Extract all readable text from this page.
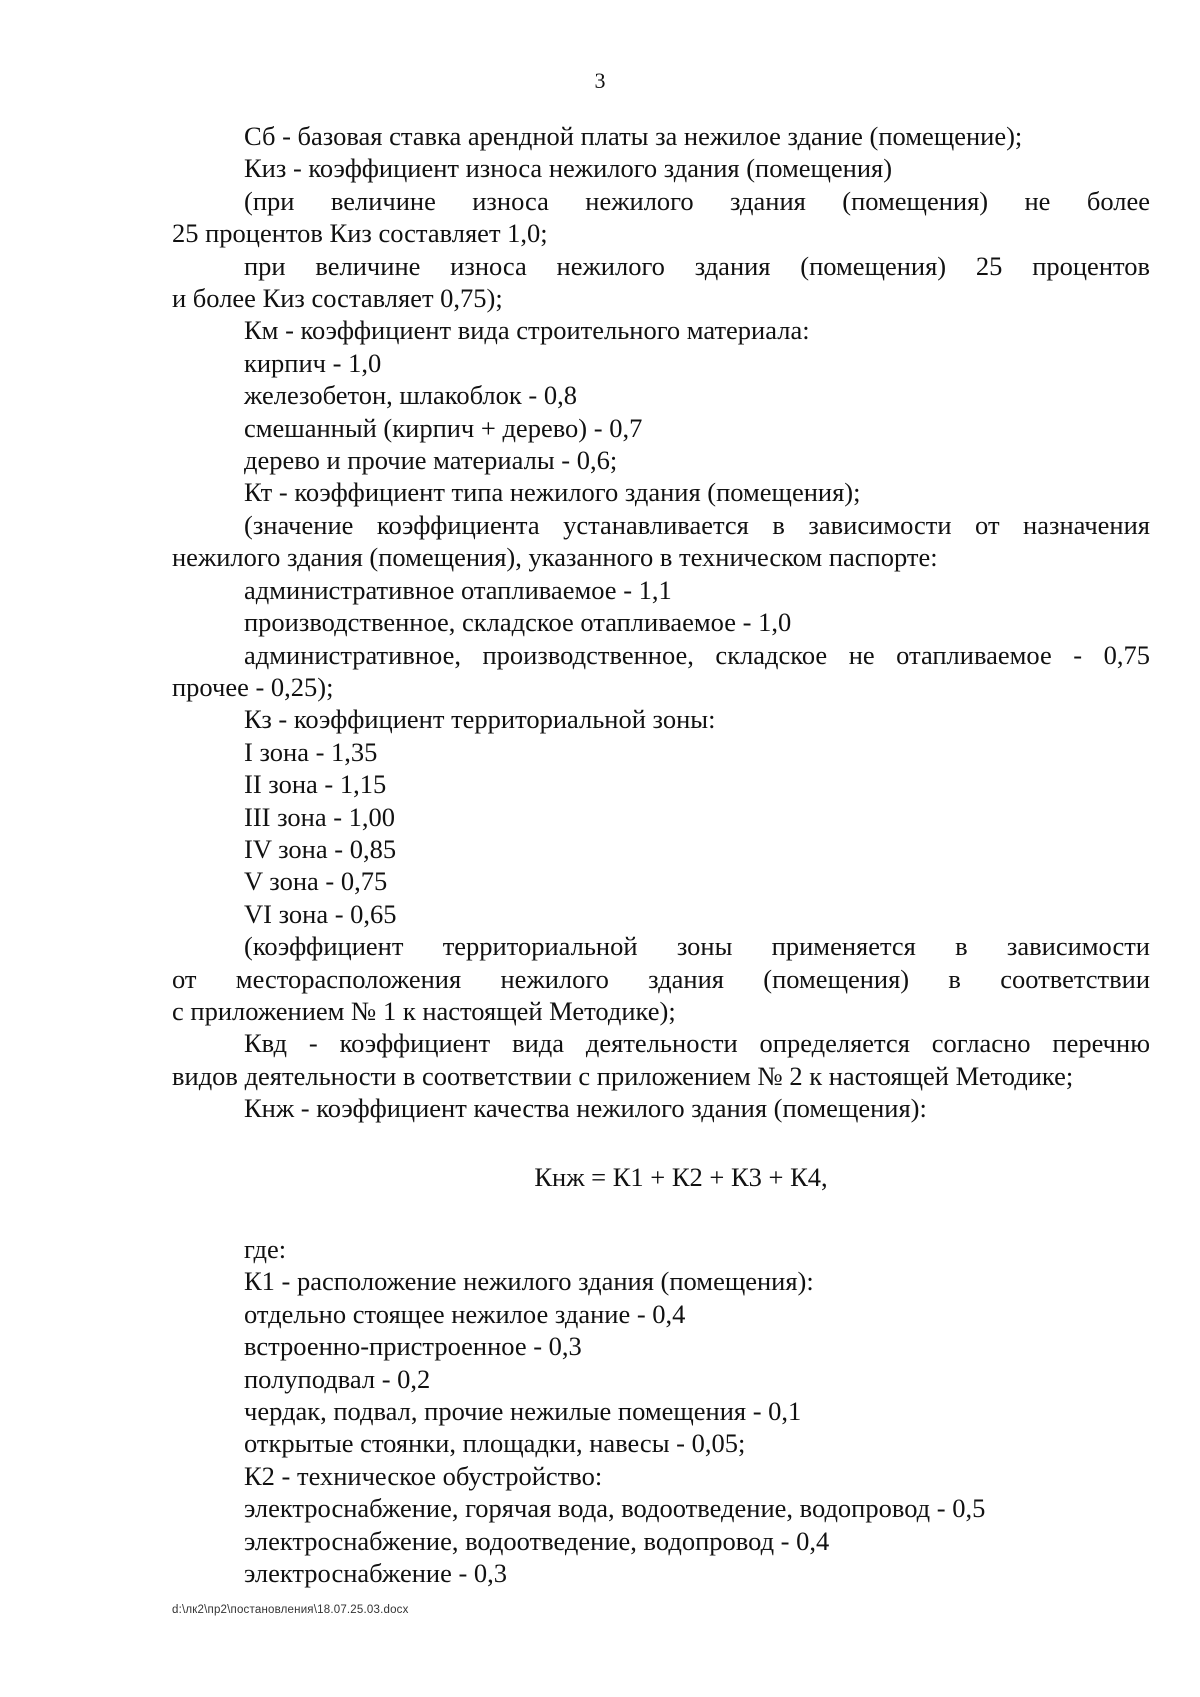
3

Сб - базовая ставка арендной платы за нежилое здание (помещение);

Киз - коэффициент износа нежилого здания (помещения)

(при величине износа нежилого здания (помещения) не более

25 процентов Киз составляет 1,0;

при величине износа нежилого здания (помещения) 25 процентов

и более Киз составляет 0,75);

Км - коэффициент вида строительного материала:

кирпич - 1,0

железобетон, шлакоблок - 0,8

смешанный (кирпич + дерево) - 0,7

дерево и прочие материалы - 0,6;

Кт - коэффициент типа нежилого здания (помещения);

(значение коэффициента устанавливается в зависимости от назначения

нежилого здания (помещения), указанного в техническом паспорте:

административное отапливаемое - 1,1

производственное, складское отапливаемое - 1,0

административное, производственное, складское не отапливаемое - 0,75

прочее - 0,25);

Кз - коэффициент территориальной зоны:

I зона - 1,35

II зона - 1,15

III зона - 1,00

IV зона - 0,85

V зона - 0,75

VI зона - 0,65

(коэффициент территориальной зоны применяется в зависимости

от месторасположения нежилого здания (помещения) в соответствии

с приложением № 1 к настоящей Методике);

Квд - коэффициент вида деятельности определяется согласно перечню

видов деятельности в соответствии с приложением № 2 к настоящей Методике;

Кнж - коэффициент качества нежилого здания (помещения):

Кнж = К1 + К2 + К3 + К4,

где:

К1 - расположение нежилого здания (помещения):

отдельно стоящее нежилое здание - 0,4

встроенно-пристроенное - 0,3

полуподвал - 0,2

чердак, подвал, прочие нежилые помещения - 0,1

открытые стоянки, площадки, навесы - 0,05;

К2 - техническое обустройство:

электроснабжение, горячая вода, водоотведение, водопровод - 0,5

электроснабжение, водоотведение, водопровод - 0,4

электроснабжение - 0,3

d:\лк2\пр2\постановления\18.07.25.03.docx
